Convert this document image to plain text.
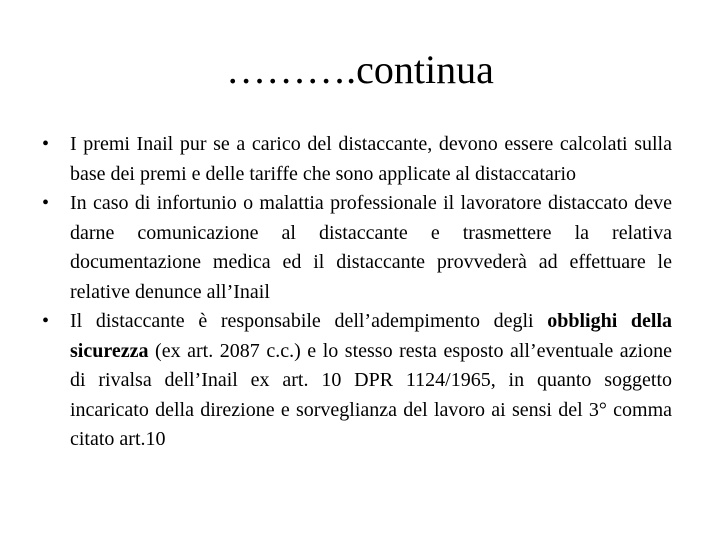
……….continua
• I premi Inail pur se a carico del distaccante, devono essere calcolati sulla base dei premi e delle tariffe che sono applicate al distaccatario
• In caso di infortunio o malattia professionale il lavoratore distaccato deve darne comunicazione al distaccante e trasmettere la relativa documentazione medica ed il distaccante provvederà ad effettuare le relative denunce all’Inail
• Il distaccante è responsabile dell’adempimento degli obblighi della sicurezza (ex art. 2087 c.c.) e lo stesso resta esposto all’eventuale azione di rivalsa dell’Inail ex art. 10 DPR 1124/1965, in quanto soggetto incaricato della direzione e sorveglianza del lavoro ai sensi del 3° comma citato art.10
